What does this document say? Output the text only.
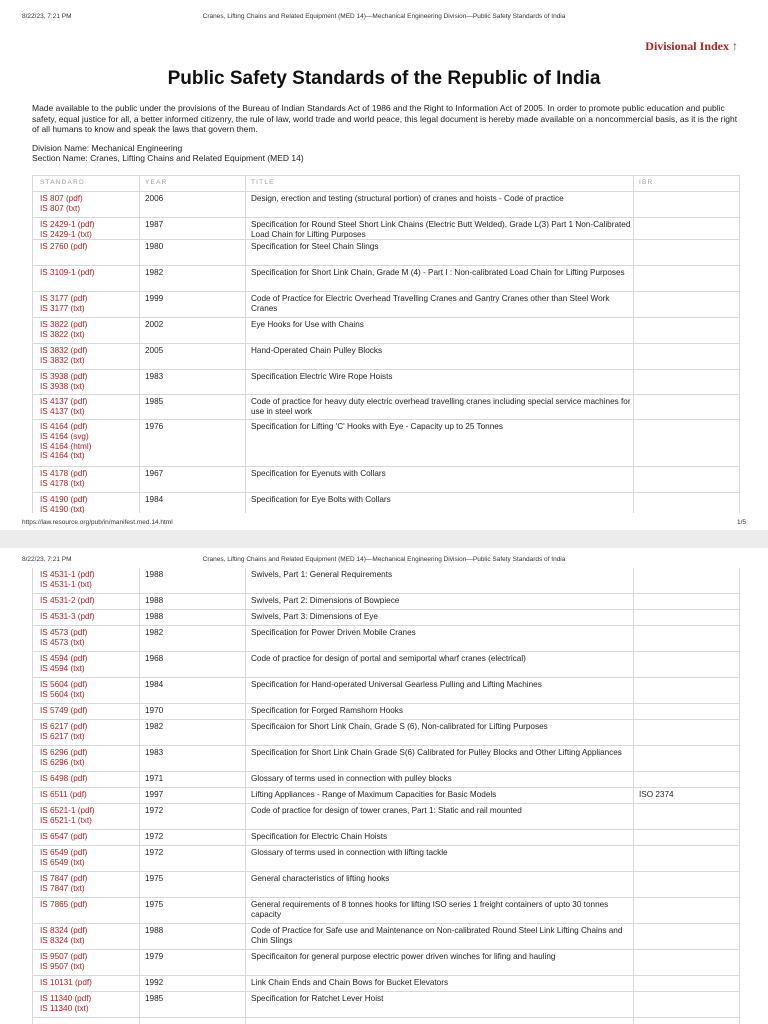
8/22/23, 7:21 PM	Cranes, Lifting Chains and Related Equipment (MED 14)—Mechanical Engineering Division—Public Safety Standards of India
Divisional Index ↑
Public Safety Standards of the Republic of India
Made available to the public under the provisions of the Bureau of Indian Standards Act of 1986 and the Right to Information Act of 2005. In order to promote public education and public safety, equal justice for all, a better informed citizenry, the rule of law, world trade and world peace, this legal document is hereby made available on a noncommercial basis, as it is the right of all humans to know and speak the laws that govern them.
Division Name: Mechanical Engineering
Section Name: Cranes, Lifting Chains and Related Equipment (MED 14)
STANDARD	YEAR	TITLE	IBR
IS 807 (pdf)
IS 807 (txt)
2006	Design, erection and testing (structural portion) of cranes and hoists - Code of practice
IS 2429-1 (pdf)
IS 2429-1 (txt)
1987	Specification for Round Steel Short Link Chains (Electric Butt Welded), Grade L(3) Part 1 Non-Calibrated Load Chain for Lifting Purposes
IS 2760 (pdf)	1980	Specification for Steel Chain Slings
IS 3109-1 (pdf)	1982	Specification for Short Link Chain, Grade M (4) - Part I : Non-calibrated Load Chain for Lifting Purposes
IS 3177 (pdf)
IS 3177 (txt)
1999	Code of Practice for Electric Overhead Travelling Cranes and Gantry Cranes other than Steel Work Cranes
IS 3822 (pdf)
IS 3822 (txt)
2002	Eye Hooks for Use with Chains
IS 3832 (pdf)
IS 3832 (txt)
2005	Hand-Operated Chain Pulley Blocks
IS 3938 (pdf)
IS 3938 (txt)
1983	Specification Electric Wire Rope Hoists
IS 4137 (pdf)
IS 4137 (txt)
1985	Code of practice for heavy duty electric overhead travelling cranes including special service machines for use in steel work
IS 4164 (pdf)
IS 4164 (svg)
IS 4164 (html)
IS 4164 (txt)
1976	Specification for Lifting 'C' Hooks with Eye - Capacity up to 25 Tonnes
IS 4178 (pdf)
IS 4178 (txt)
1967	Specification for Eyenuts with Collars
IS 4190 (pdf)
IS 4190 (txt)
1984	Specification for Eye Bolts with Collars
https://law.resource.org/pub/in/manifest.med.14.html	1/5
8/22/23, 7:21 PM	Cranes, Lifting Chains and Related Equipment (MED 14)—Mechanical Engineering Division—Public Safety Standards of India
IS 4531-1 (pdf)
IS 4531-1 (txt)
1988	Swivels, Part 1: General Requirements
IS 4531-2 (pdf)	1988	Swivels, Part 2: Dimensions of Bowpiece
IS 4531-3 (pdf)	1988	Swivels, Part 3: Dimensions of Eye
IS 4573 (pdf)
IS 4573 (txt)
1982	Specification for Power Driven Mobile Cranes
IS 4594 (pdf)
IS 4594 (txt)
1968	Code of practice for design of portal and semiportal wharf cranes (electrical)
IS 5604 (pdf)
IS 5604 (txt)
1984	Specification for Hand-operated Universal Gearless Pulling and Lifting Machines
IS 5749 (pdf)	1970	Specification for Forged Ramshorn Hooks
IS 6217 (pdf)
IS 6217 (txt)
1982	Specificaion for Short Link Chain, Grade S (6), Non-calibrated for Lifting Purposes
IS 6296 (pdf)
IS 6296 (txt)
1983	Specification for Short Link Chain Grade S(6) Calibrated for Pulley Blocks and Other Lifting Appliances
IS 6498 (pdf)	1971	Glossary of terms used in connection with pulley blocks
IS 6511 (pdf)	1997	Lifting Appliances - Range of Maximum Capacities for Basic Models	ISO 2374
IS 6521-1 (pdf)
IS 6521-1 (txt)
1972	Code of practice for design of tower cranes, Part 1: Static and rail mounted
IS 6547 (pdf)	1972	Specification for Electric Chain Hoists
IS 6549 (pdf)
IS 6549 (txt)
1972	Glossary of terms used in connection with lifting tackle
IS 7847 (pdf)
IS 7847 (txt)
1975	General characteristics of lifting hooks
IS 7865 (pdf)	1975	General requirements of 8 tonnes hooks for lifting ISO series 1 freight containers of upto 30 tonnes capacity
IS 8324 (pdf)
IS 8324 (txt)
1988	Code of Practice for Safe use and Maintenance on Non-calibrated Round Steel Link Lifting Chains and Chin Slings
IS 9507 (pdf)
IS 9507 (txt)
1979	Specificaiton for general purpose electric power driven winches for lifing and hauling
IS 10131 (pdf)	1992	Link Chain Ends and Chain Bows for Bucket Elevators
IS 11340 (pdf)
IS 11340 (txt)
1985	Specification for Ratchet Lever Hoist
